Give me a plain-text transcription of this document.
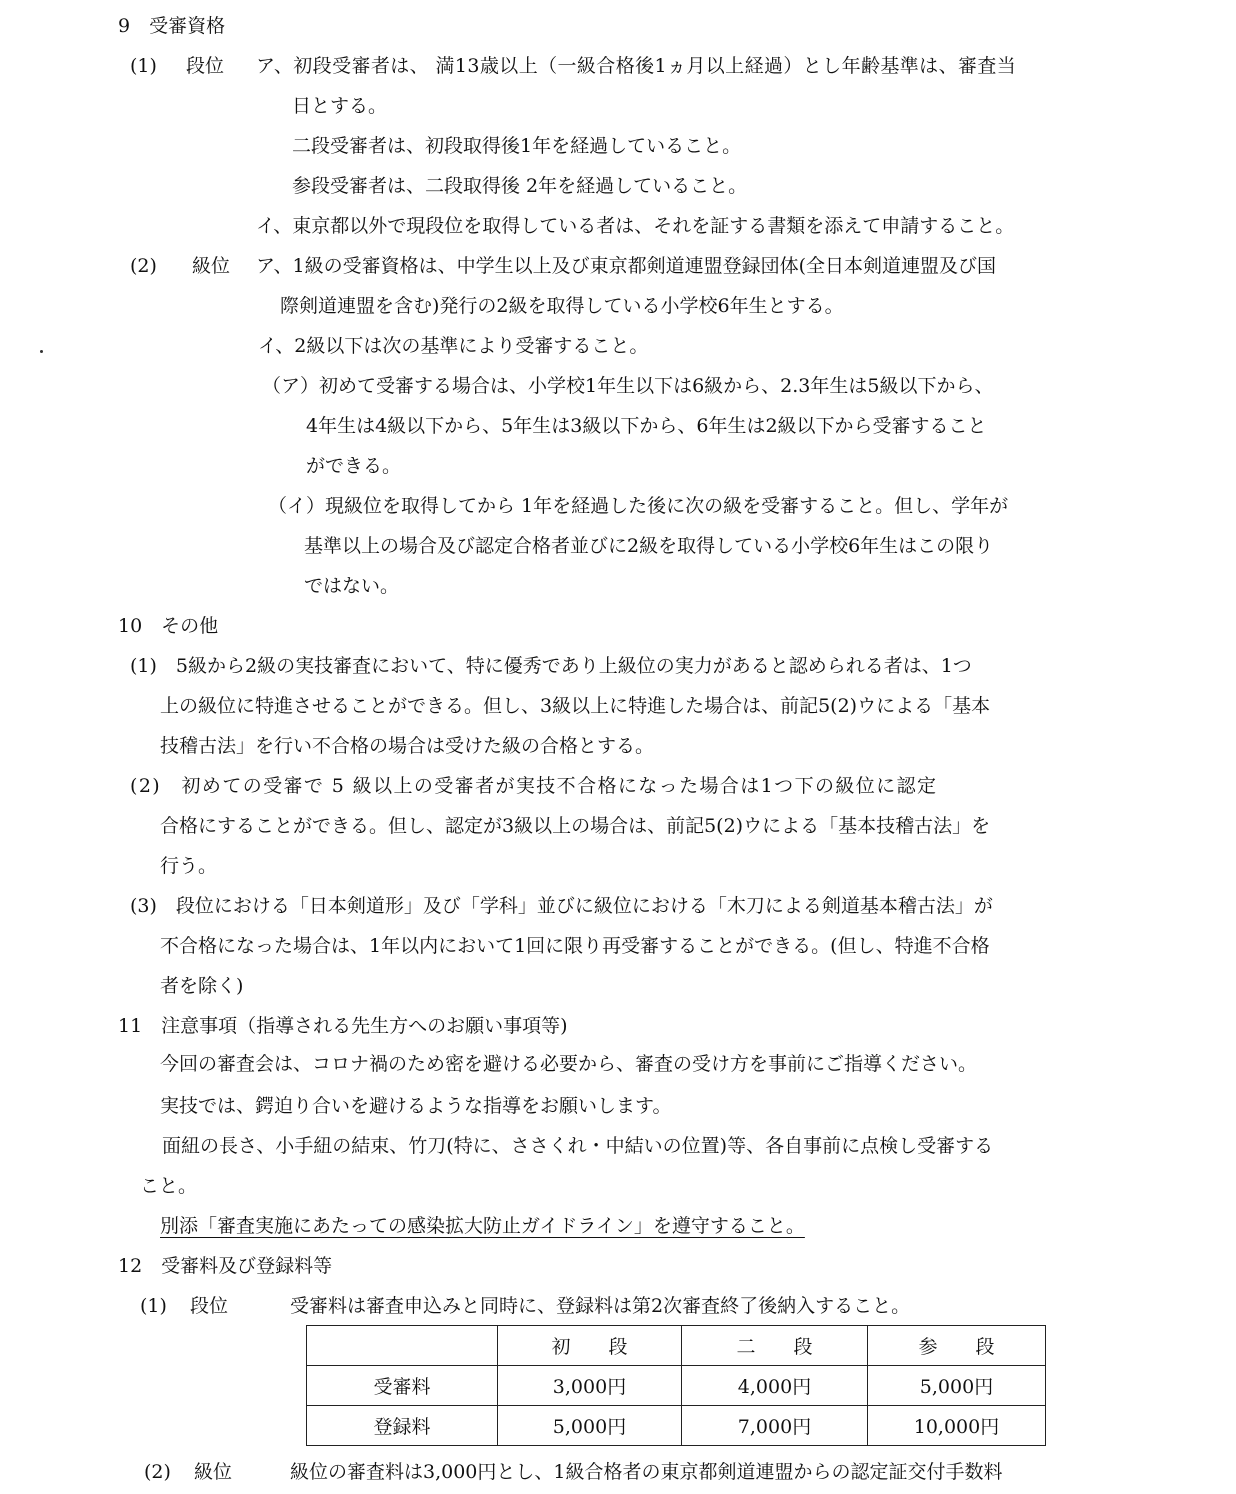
9　受審資格
(1) 段位 ア、初段受審者は、 満13歳以上（一級合格後1ヵ月以上経過）とし年齢基準は、審査当
日とする。
二段受審者は、初段取得後1年を経過していること。
参段受審者は、二段取得後 2年を経過していること。
イ、東京都以外で現段位を取得している者は、それを証する書類を添えて申請すること。
(2) 級位 ア、1級の受審資格は、中学生以上及び東京都剣道連盟登録団体(全日本剣道連盟及び国
際剣道連盟を含む)発行の2級を取得している小学校6年生とする。
イ、2級以下は次の基準により受審すること。
（ア）初めて受審する場合は、小学校1年生以下は6級から、2.3年生は5級以下から、
4年生は4級以下から、5年生は3級以下から、6年生は2級以下から受審すること
ができる。
（イ）現級位を取得してから 1年を経過した後に次の級を受審すること。但し、学年が
基準以上の場合及び認定合格者並びに2級を取得している小学校6年生はこの限り
ではない。
10　その他
(1)　5級から2級の実技審査において、特に優秀であり上級位の実力があると認められる者は、1つ
上の級位に特進させることができる。但し、3級以上に特進した場合は、前記5(2)ウによる「基本
技稽古法」を行い不合格の場合は受けた級の合格とする。
(2)　初めての受審で 5 級以上の受審者が実技不合格になった場合は1つ下の級位に認定
合格にすることができる。但し、認定が3級以上の場合は、前記5(2)ウによる「基本技稽古法」を
行う。
(3)　段位における「日本剣道形」及び「学科」並びに級位における「木刀による剣道基本稽古法」が
不合格になった場合は、1年以内において1回に限り再受審することができる。(但し、特進不合格
者を除く)
11　注意事項（指導される先生方へのお願い事項等)
今回の審査会は、コロナ禍のため密を避ける必要から、審査の受け方を事前にご指導ください。
実技では、鍔迫り合いを避けるような指導をお願いします。
面紐の長さ、小手紐の結束、竹刀(特に、ささくれ・中結いの位置)等、各自事前に点検し受審する
こと。
別添「審査実施にあたっての感染拡大防止ガイドライン」を遵守すること。
12　受審料及び登録料等
(1) 段位	受審料は審査申込みと同時に、登録料は第2次審査終了後納入すること。
	初　　段	二　　段	参　　段
受審料	3,000円	4,000円	5,000円
登録料	5,000円	7,000円	10,000円
(2) 級位	級位の審査料は3,000円とし、1級合格者の東京都剣道連盟からの認定証交付手数料
